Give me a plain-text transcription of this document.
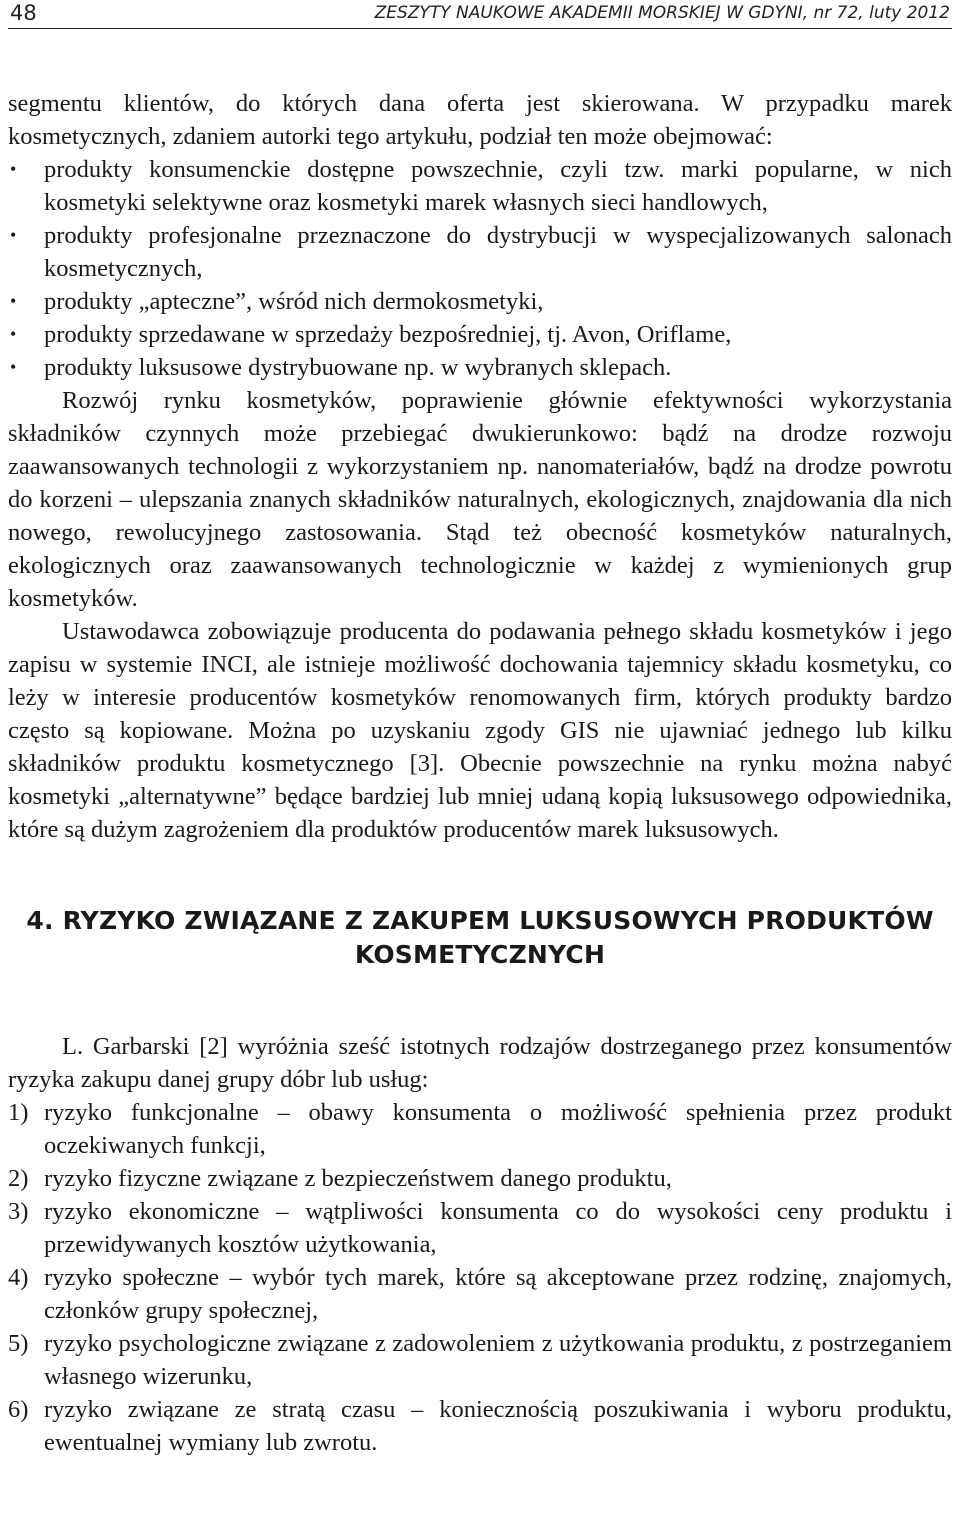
48	ZESZYTY NAUKOWE AKADEMII MORSKIEJ W GDYNI, nr 72, luty 2012

segmentu klientów, do których dana oferta jest skierowana. W przypadku marek kosmetycznych, zdaniem autorki tego artykułu, podział ten może obejmować:

• produkty konsumenckie dostępne powszechnie, czyli tzw. marki popularne, w nich kosmetyki selektywne oraz kosmetyki marek własnych sieci handlowych,
• produkty profesjonalne przeznaczone do dystrybucji w wyspecjalizowanych salonach kosmetycznych,
• produkty „apteczne”, wśród nich dermokosmetyki,
• produkty sprzedawane w sprzedaży bezpośredniej, tj. Avon, Oriflame,
• produkty luksusowe dystrybuowane np. w wybranych sklepach.

Rozwój rynku kosmetyków, poprawienie głównie efektywności wykorzystania składników czynnych może przebiegać dwukierunkowo: bądź na drodze rozwoju zaawansowanych technologii z wykorzystaniem np. nanomateriałów, bądź na drodze powrotu do korzeni – ulepszania znanych składników naturalnych, ekologicznych, znajdowania dla nich nowego, rewolucyjnego zastosowania. Stąd też obecność kosmetyków naturalnych, ekologicznych oraz zaawansowanych technologicznie w każdej z wymienionych grup kosmetyków.

Ustawodawca zobowiązuje producenta do podawania pełnego składu kosmetyków i jego zapisu w systemie INCI, ale istnieje możliwość dochowania tajemnicy składu kosmetyku, co leży w interesie producentów kosmetyków renomowanych firm, których produkty bardzo często są kopiowane. Można po uzyskaniu zgody GIS nie ujawniać jednego lub kilku składników produktu kosmetycznego [3]. Obecnie powszechnie na rynku można nabyć kosmetyki „alternatywne” będące bardziej lub mniej udaną kopią luksusowego odpowiednika, które są dużym zagrożeniem dla produktów producentów marek luksusowych.

4. RYZYKO ZWIĄZANE Z ZAKUPEM LUKSUSOWYCH PRODUKTÓW KOSMETYCZNYCH

L. Garbarski [2] wyróżnia sześć istotnych rodzajów dostrzeganego przez konsumentów ryzyka zakupu danej grupy dóbr lub usług:

1) ryzyko funkcjonalne – obawy konsumenta o możliwość spełnienia przez produkt oczekiwanych funkcji,
2) ryzyko fizyczne związane z bezpieczeństwem danego produktu,
3) ryzyko ekonomiczne – wątpliwości konsumenta co do wysokości ceny produktu i przewidywanych kosztów użytkowania,
4) ryzyko społeczne – wybór tych marek, które są akceptowane przez rodzinę, znajomych, członków grupy społecznej,
5) ryzyko psychologiczne związane z zadowoleniem z użytkowania produktu, z postrzeganiem własnego wizerunku,
6) ryzyko związane ze stratą czasu – koniecznością poszukiwania i wyboru produktu, ewentualnej wymiany lub zwrotu.
